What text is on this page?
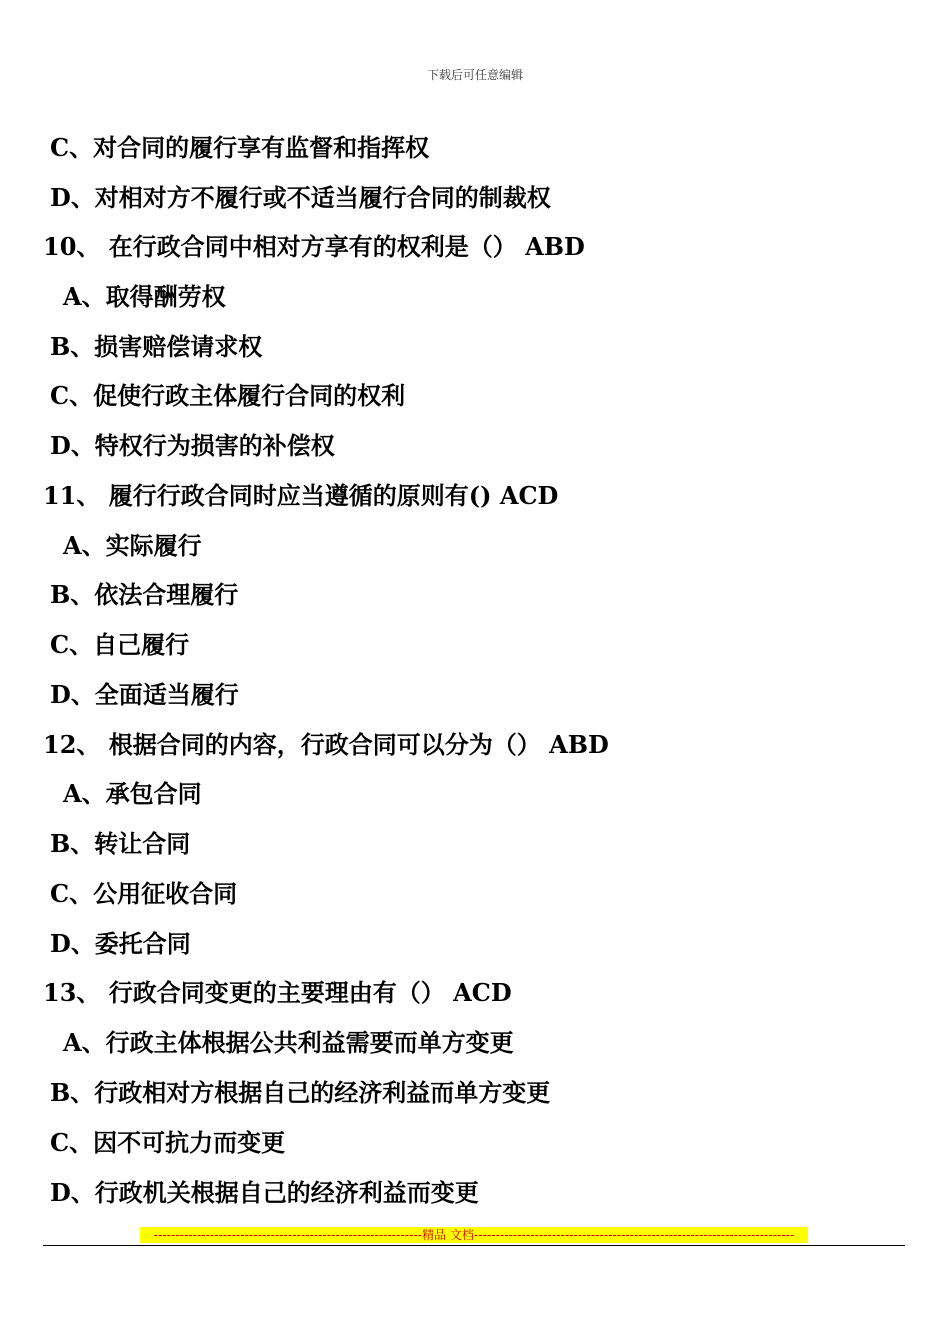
下载后可任意编辑
C、对合同的履行享有监督和指挥权
D、对相对方不履行或不适当履行合同的制裁权
10、 在行政合同中相对方享有的权利是（） ABD
A、取得酬劳权
B、损害赔偿请求权
C、促使行政主体履行合同的权利
D、特权行为损害的补偿权
11、 履行行政合同时应当遵循的原则有() ACD
A、实际履行
B、依法合理履行
C、自己履行
D、全面适当履行
12、 根据合同的内容，行政合同可以分为（） ABD
A、承包合同
B、转让合同
C、公用征收合同
D、委托合同
13、 行政合同变更的主要理由有（） ACD
A、行政主体根据公共利益需要而单方变更
B、行政相对方根据自己的经济利益而单方变更
C、因不可抗力而变更
D、行政机关根据自己的经济利益而变更
--------------------------------------------------------------精品 文档--------------------------------------------------------------------------
